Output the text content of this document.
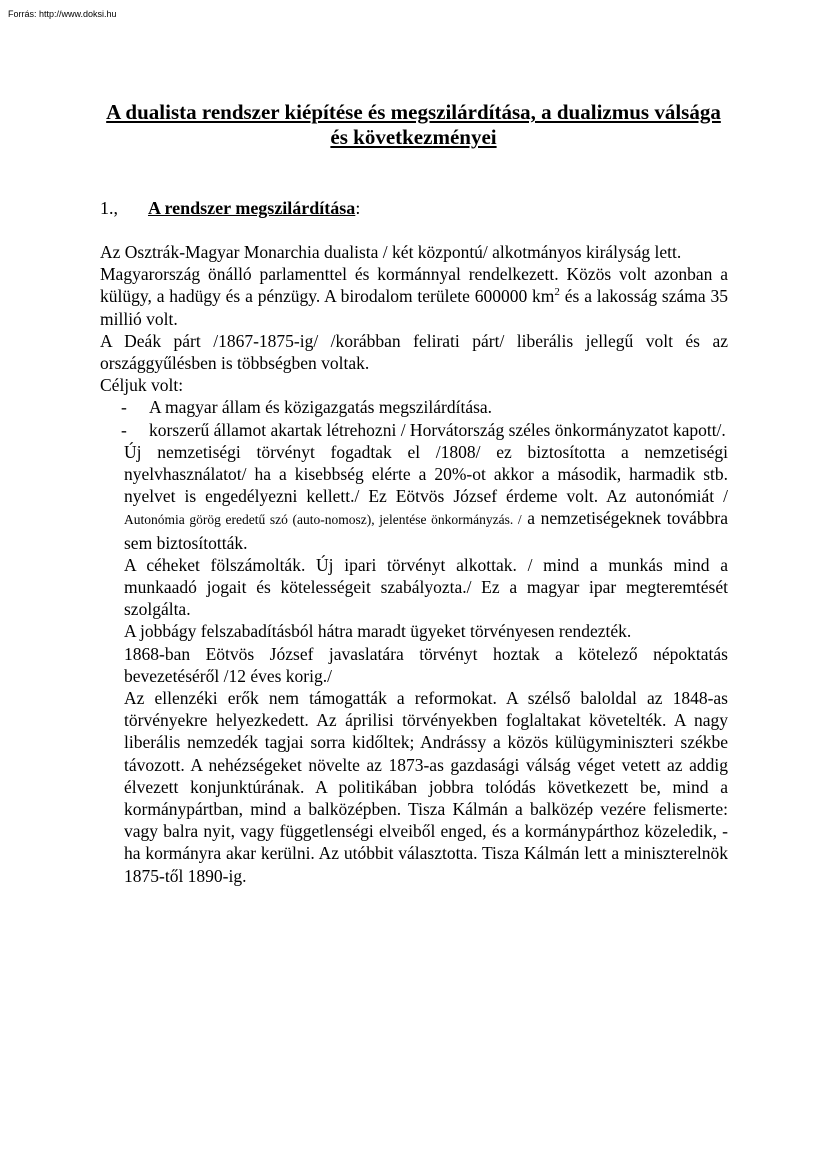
Forrás: http://www.doksi.hu
A dualista rendszer kiépítése és megszilárdítása, a dualizmus válsága és következményei
1., A rendszer megszilárdítása:

Az Osztrák-Magyar Monarchia dualista / két központú/ alkotmányos királyság lett.

Magyarország önálló parlamenttel és kormánnyal rendelkezett. Közös volt azonban a külügy, a hadügy és a pénzügy. A birodalom területe 600000 $km^2$ és a lakosság száma 35 millió volt.

A Deák párt /1867-1875-ig/ /korábban felirati párt/ liberális jellegű volt és az országgyűlésben is többségben voltak.

Céljuk volt:

- A magyar állam és közigazgatás megszilárdítása.
- korszerű államot akartak létrehozni / Horvátország széles önkormányzatot kapott/.

Új nemzetiségi törvényt fogadtak el /1808/ ez biztosította a nemzetiségi nyelvhasználatot/ ha a kisebbség elérte a 20%-ot akkor a második, harmadik stb. nyelvet is engedélyezni kellett./ Ez Eötvös József érdeme volt. Az autonómiát / Autonómia görög eredetű szó (auto-nomosz), jelentése önkormányzás. / a nemzetiségeknek továbbra sem biztosították.

A céheket fölszámolták. Új ipari törvényt alkottak. / mind a munkás mind a munkaadó jogait és kötelességeit szabályozta./ Ez a magyar ipar megteremtését szolgálta.

A jobbágy felszabadításból hátra maradt ügyeket törvényesen rendezték.

1868-ban Eötvös József javaslatára törvényt hoztak a kötelező népoktatás bevezetéséről /12 éves korig./

Az ellenzéki erők nem támogatták a reformokat. A szélső baloldal az 1848-as törvényekre helyezkedett. Az áprilisi törvényekben foglaltakat követelték. A nagy liberális nemzedék tagjai sorra kidőltek; Andrássy a közös külügyminiszteri székbe távozott. A nehézségeket növelte az 1873-as gazdasági válság véget vetett az addig élvezett konjunktúrának. A politikában jobbra tolódás következett be, mind a kormánypártban, mind a balközépben. Tisza Kálmán a balközép vezére felismerte: vagy balra nyit, vagy függetlenségi elveiből enged, és a kormánypárthoz közeledik, - ha kormányra akar kerülni. Az utóbbit választotta. Tisza Kálmán lett a miniszterelnök 1875-től 1890-ig.
